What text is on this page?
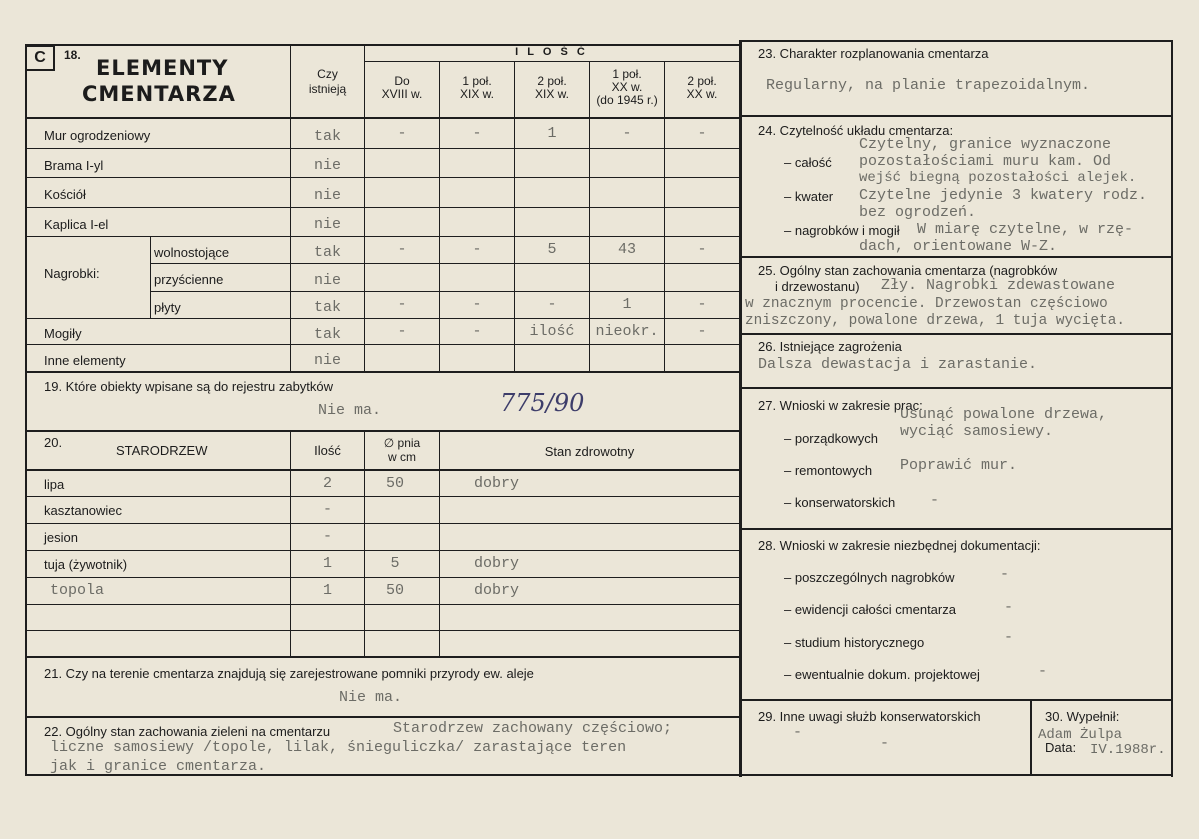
C	18.
ELEMENTY
CMENTARZA
Czy
istnieją
I L O Ś Ć
Do
XVIII w.
1 poł.
XIX w.
2 poł.
XIX w.
1 poł.
XX w.
(do 1945 r.)
2 poł.
XX w.
Mur ogrodzeniowy	tak	-	-	1	-	-
Brama I-yl	nie
Kościół	nie
Kaplica I-el	nie
Nagrobki:
wolnostojące	tak	-	-	5	43	-
przyścienne	nie
płyty	tak	-	-	-	1	-
Mogiły	tak	-	-	ilość	nieokr.	-
Inne elementy	nie
19. Które obiekty wpisane są do rejestru zabytków
Nie ma.	775/90
20.
STARODRZEW	Ilość	∅ pnia
w cm	Stan zdrowotny
lipa	2	50	dobry
kasztanowiec	-
jesion	-
tuja (żywotnik)	1	5	dobry
topola	1	50	dobry
21. Czy na terenie cmentarza znajdują się zarejestrowane pomniki przyrody ew. aleje
Nie ma.
22. Ogólny stan zachowania zieleni na cmentarzu	Starodrzew zachowany częściowo;
liczne samosiewy /topole, lilak, śnieguliczka/ zarastające teren
jak i granice cmentarza.
23. Charakter rozplanowania cmentarza
Regularny, na planie trapezoidalnym.
24. Czytelność układu cmentarza:
– całość
Czytelny, granice wyznaczone
pozostałościami muru kam. Od
wejść biegną pozostałości alejek.
– kwater Czytelne jedynie 3 kwatery rodz.
bez ogrodzeń.
– nagrobków i mogił W miarę czytelne, w rzę-
dach, orientowane W-Z.
25. Ogólny stan zachowania cmentarza (nagrobków
i drzewostanu) Zły. Nagrobki zdewastowane
w znacznym procencie. Drzewostan częściowo
zniszczony, powalone drzewa, 1 tuja wycięta.
26. Istniejące zagrożenia
Dalsza dewastacja i zarastanie.
27. Wnioski w zakresie prac:
Usunąć powalone drzewa,
– porządkowych wyciąć samosiewy.
– remontowych Poprawić mur.
– konserwatorskich -
28. Wnioski w zakresie niezbędnej dokumentacji:
– poszczególnych nagrobków	-
– ewidencji całości cmentarza	-
– studium historycznego	-
– ewentualnie dokum. projektowej	-
29. Inne uwagi służb konserwatorskich
-
-
30. Wypełnił:
Adam Żulpa
Data: IV.1988r.
